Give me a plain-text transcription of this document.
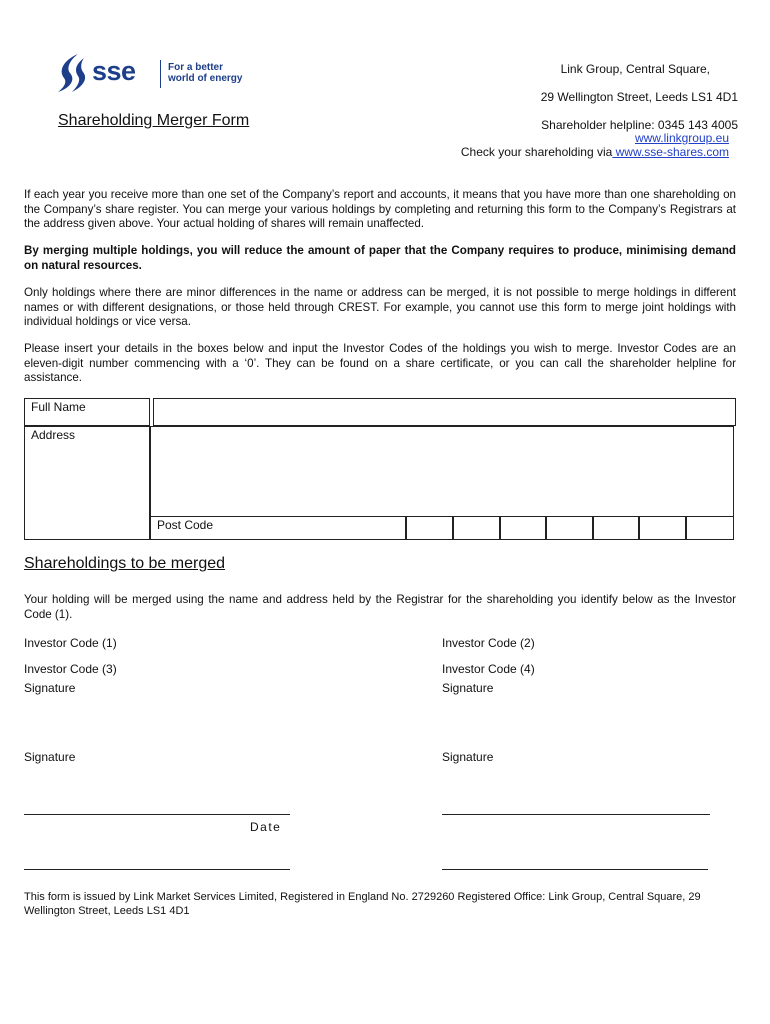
sse	For a better
world of energy
Shareholding Merger Form
Link Group, Central Square,
29 Wellington Street, Leeds LS1 4D1
Shareholder helpline: 0345 143 4005
www.linkgroup.eu
Check your shareholding via www.sse-shares.com
If each year you receive more than one set of the Company’s report and accounts, it means that you have more than one shareholding on the Company’s share register. You can merge your various holdings by completing and returning this form to the Company’s Registrars at the address given above. Your actual holding of shares will remain unaffected.
By merging multiple holdings, you will reduce the amount of paper that the Company requires to produce, minimising demand on natural resources.
Only holdings where there are minor differences in the name or address can be merged, it is not possible to merge holdings in different names or with different designations, or those held through CREST. For example, you cannot use this form to merge joint holdings with individual holdings or vice versa.
Please insert your details in the boxes below and input the Investor Codes of the holdings you wish to merge. Investor Codes are an eleven-digit number commencing with a ‘0’. They can be found on a share certificate, or you can call the shareholder helpline for assistance.
Full Name
Address
Post Code
Shareholdings to be merged
Your holding will be merged using the name and address held by the Registrar for the shareholding you identify below as the Investor Code (1).
Investor Code (1)	Investor Code (2)
Investor Code (3)	Investor Code (4)
Signature	Signature
Signature	Signature
Date
This form is issued by Link Market Services Limited, Registered in England No. 2729260 Registered Office: Link Group, Central Square, 29 Wellington Street, Leeds LS1 4D1
